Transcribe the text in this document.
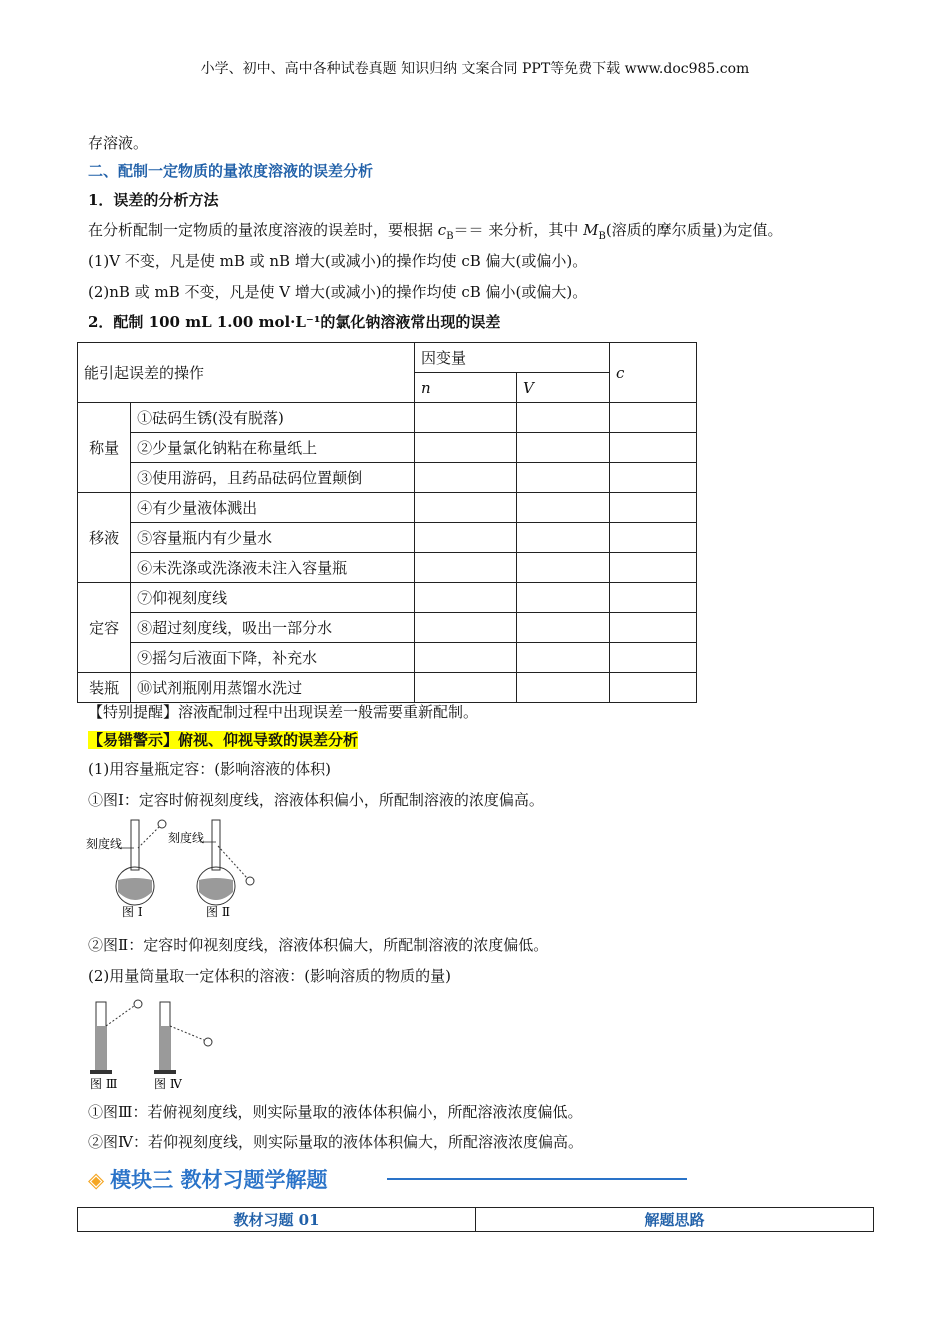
小学、初中、高中各种试卷真题 知识归纳 文案合同 PPT等免费下载 www.doc985.com
存溶液。
二、配制一定物质的量浓度溶液的误差分析
1．误差的分析方法
在分析配制一定物质的量浓度溶液的误差时，要根据 $c_B==$ 来分析，其中 $M_B$(溶质的摩尔质量)为定值。
(1)V 不变，凡是使 mB 或 nB 增大(或减小)的操作均使 cB 偏大(或偏小)。
(2)nB 或 mB 不变，凡是使 V 增大(或减小)的操作均使 cB 偏小(或偏大)。
2．配制 100 mL 1.00 mol·L⁻¹的氯化钠溶液常出现的误差
能引起误差的操作		因变量		c
		n	V	
称量	①砝码生锈(没有脱落)			
	②少量氯化钠粘在称量纸上			
	③使用游码，且药品砝码位置颠倒			
移液	④有少量液体溅出			
	⑤容量瓶内有少量水			
	⑥未洗涤或洗涤液未注入容量瓶			
定容	⑦仰视刻度线			
	⑧超过刻度线，吸出一部分水			
	⑨摇匀后液面下降，补充水			
装瓶	⑩试剂瓶刚用蒸馏水洗过			
【特别提醒】溶液配制过程中出现误差一般需要重新配制。
【易错警示】俯视、仰视导致的误差分析
(1)用容量瓶定容：(影响溶液的体积)
①图Ⅰ：定容时俯视刻度线，溶液体积偏小，所配制溶液的浓度偏高。
刻度线	刻度线
图 Ⅰ	图 Ⅱ
②图Ⅱ：定容时仰视刻度线，溶液体积偏大，所配制溶液的浓度偏低。
(2)用量筒量取一定体积的溶液：(影响溶质的物质的量)
图 Ⅲ	图 Ⅳ
①图Ⅲ：若俯视刻度线，则实际量取的液体体积偏小，所配溶液浓度偏低。
②图Ⅳ：若仰视刻度线，则实际量取的液体体积偏大，所配溶液浓度偏高。
◈ 模块三 教材习题学解题
教材习题 01	解题思路
